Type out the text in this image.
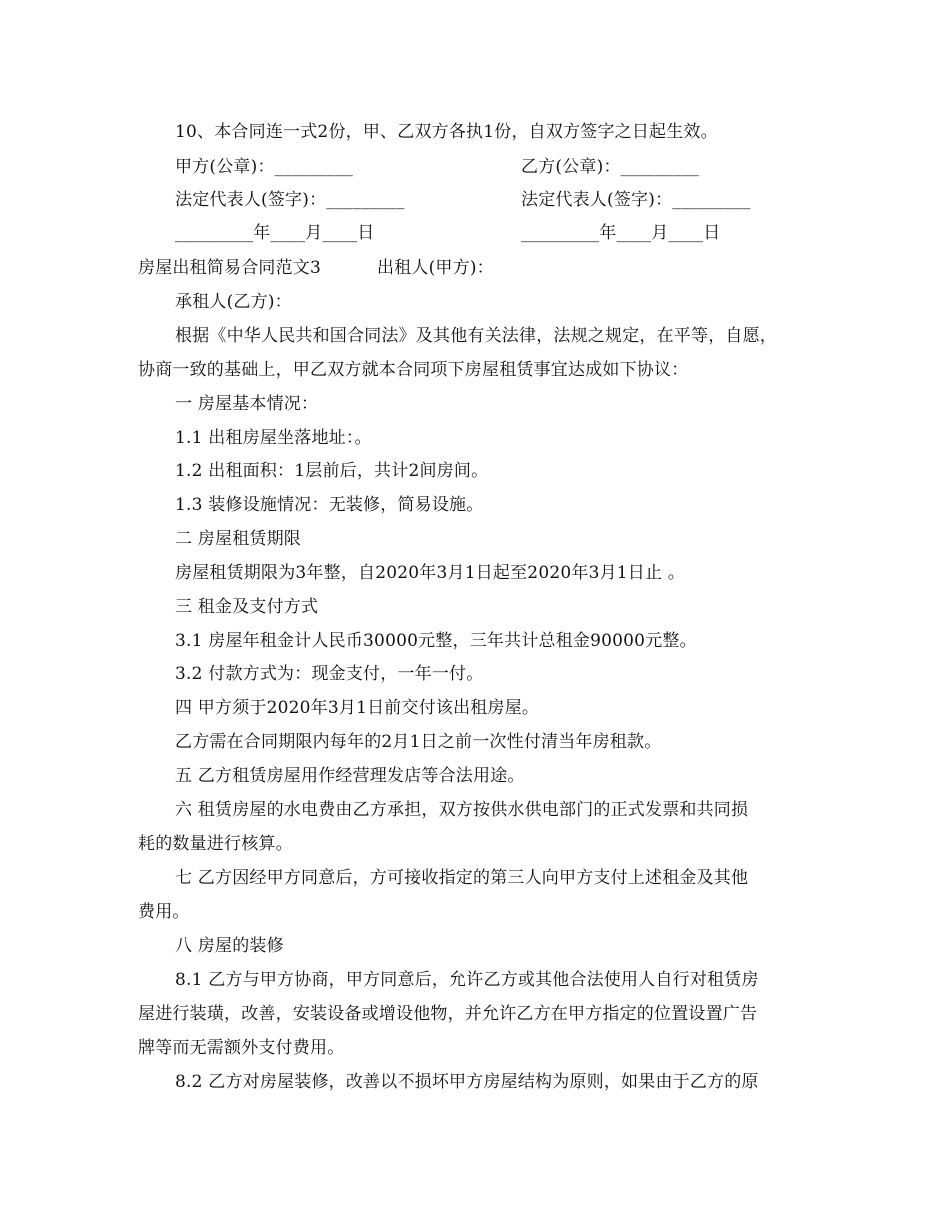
10、本合同连一式2份，甲、乙双方各执1份，自双方签字之日起生效。
甲方(公章)：_________	乙方(公章)：_________
法定代表人(签字)：_________	法定代表人(签字)：_________
_________年____月____日	_________年____月____日
房屋出租简易合同范文3	出租人(甲方)：
承租人(乙方)：
根据《中华人民共和国合同法》及其他有关法律，法规之规定，在平等，自愿，
协商一致的基础上，甲乙双方就本合同项下房屋租赁事宜达成如下协议：
一 房屋基本情况：
1.1 出租房屋坐落地址：。
1.2 出租面积：1层前后，共计2间房间。
1.3 装修设施情况：无装修，简易设施。
二 房屋租赁期限
房屋租赁期限为3年整，自2020年3月1日起至2020年3月1日止 。
三 租金及支付方式
3.1 房屋年租金计人民币30000元整，三年共计总租金90000元整。
3.2 付款方式为：现金支付，一年一付。
四 甲方须于2020年3月1日前交付该出租房屋。
乙方需在合同期限内每年的2月1日之前一次性付清当年房租款。
五 乙方租赁房屋用作经营理发店等合法用途。
六 租赁房屋的水电费由乙方承担，双方按供水供电部门的正式发票和共同损
耗的数量进行核算。
七 乙方因经甲方同意后，方可接收指定的第三人向甲方支付上述租金及其他
费用。
八 房屋的装修
8.1 乙方与甲方协商，甲方同意后，允许乙方或其他合法使用人自行对租赁房
屋进行装璜，改善，安装设备或增设他物，并允许乙方在甲方指定的位置设置广告
牌等而无需额外支付费用。
8.2 乙方对房屋装修，改善以不损坏甲方房屋结构为原则，如果由于乙方的原
